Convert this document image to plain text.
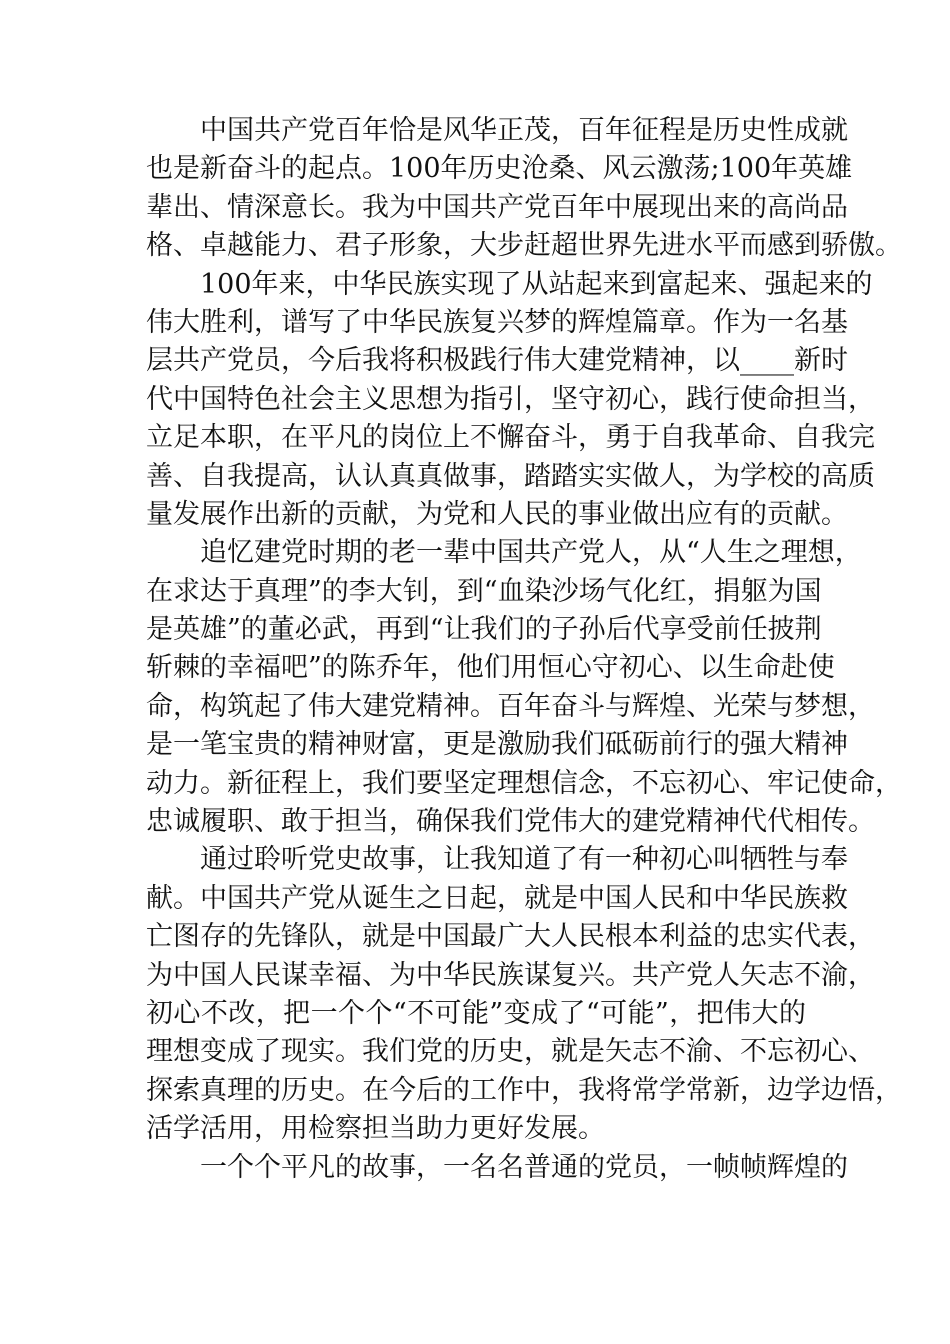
中国共产党百年恰是风华正茂，百年征程是历史性成就
也是新奋斗的起点。100年历史沧桑、风云激荡;100年英雄
辈出、情深意长。我为中国共产党百年中展现出来的高尚品
格、卓越能力、君子形象，大步赶超世界先进水平而感到骄傲。
100年来，中华民族实现了从站起来到富起来、强起来的
伟大胜利，谱写了中华民族复兴梦的辉煌篇章。作为一名基
层共产党员，今后我将积极践行伟大建党精神，以____新时
代中国特色社会主义思想为指引，坚守初心，践行使命担当，
立足本职，在平凡的岗位上不懈奋斗，勇于自我革命、自我完
善、自我提高，认认真真做事，踏踏实实做人，为学校的高质
量发展作出新的贡献，为党和人民的事业做出应有的贡献。
追忆建党时期的老一辈中国共产党人，从“人生之理想，
在求达于真理”的李大钊，到“血染沙场气化红，捐躯为国
是英雄”的董必武，再到“让我们的子孙后代享受前任披荆
斩棘的幸福吧”的陈乔年，他们用恒心守初心、以生命赴使
命，构筑起了伟大建党精神。百年奋斗与辉煌、光荣与梦想，
是一笔宝贵的精神财富，更是激励我们砥砺前行的强大精神
动力。新征程上，我们要坚定理想信念，不忘初心、牢记使命，
忠诚履职、敢于担当，确保我们党伟大的建党精神代代相传。
通过聆听党史故事，让我知道了有一种初心叫牺牲与奉
献。中国共产党从诞生之日起，就是中国人民和中华民族救
亡图存的先锋队，就是中国最广大人民根本利益的忠实代表，
为中国人民谋幸福、为中华民族谋复兴。共产党人矢志不渝，
初心不改，把一个个“不可能”变成了“可能”，把伟大的
理想变成了现实。我们党的历史，就是矢志不渝、不忘初心、
探索真理的历史。在今后的工作中，我将常学常新，边学边悟，
活学活用，用检察担当助力更好发展。
一个个平凡的故事，一名名普通的党员，一帧帧辉煌的
